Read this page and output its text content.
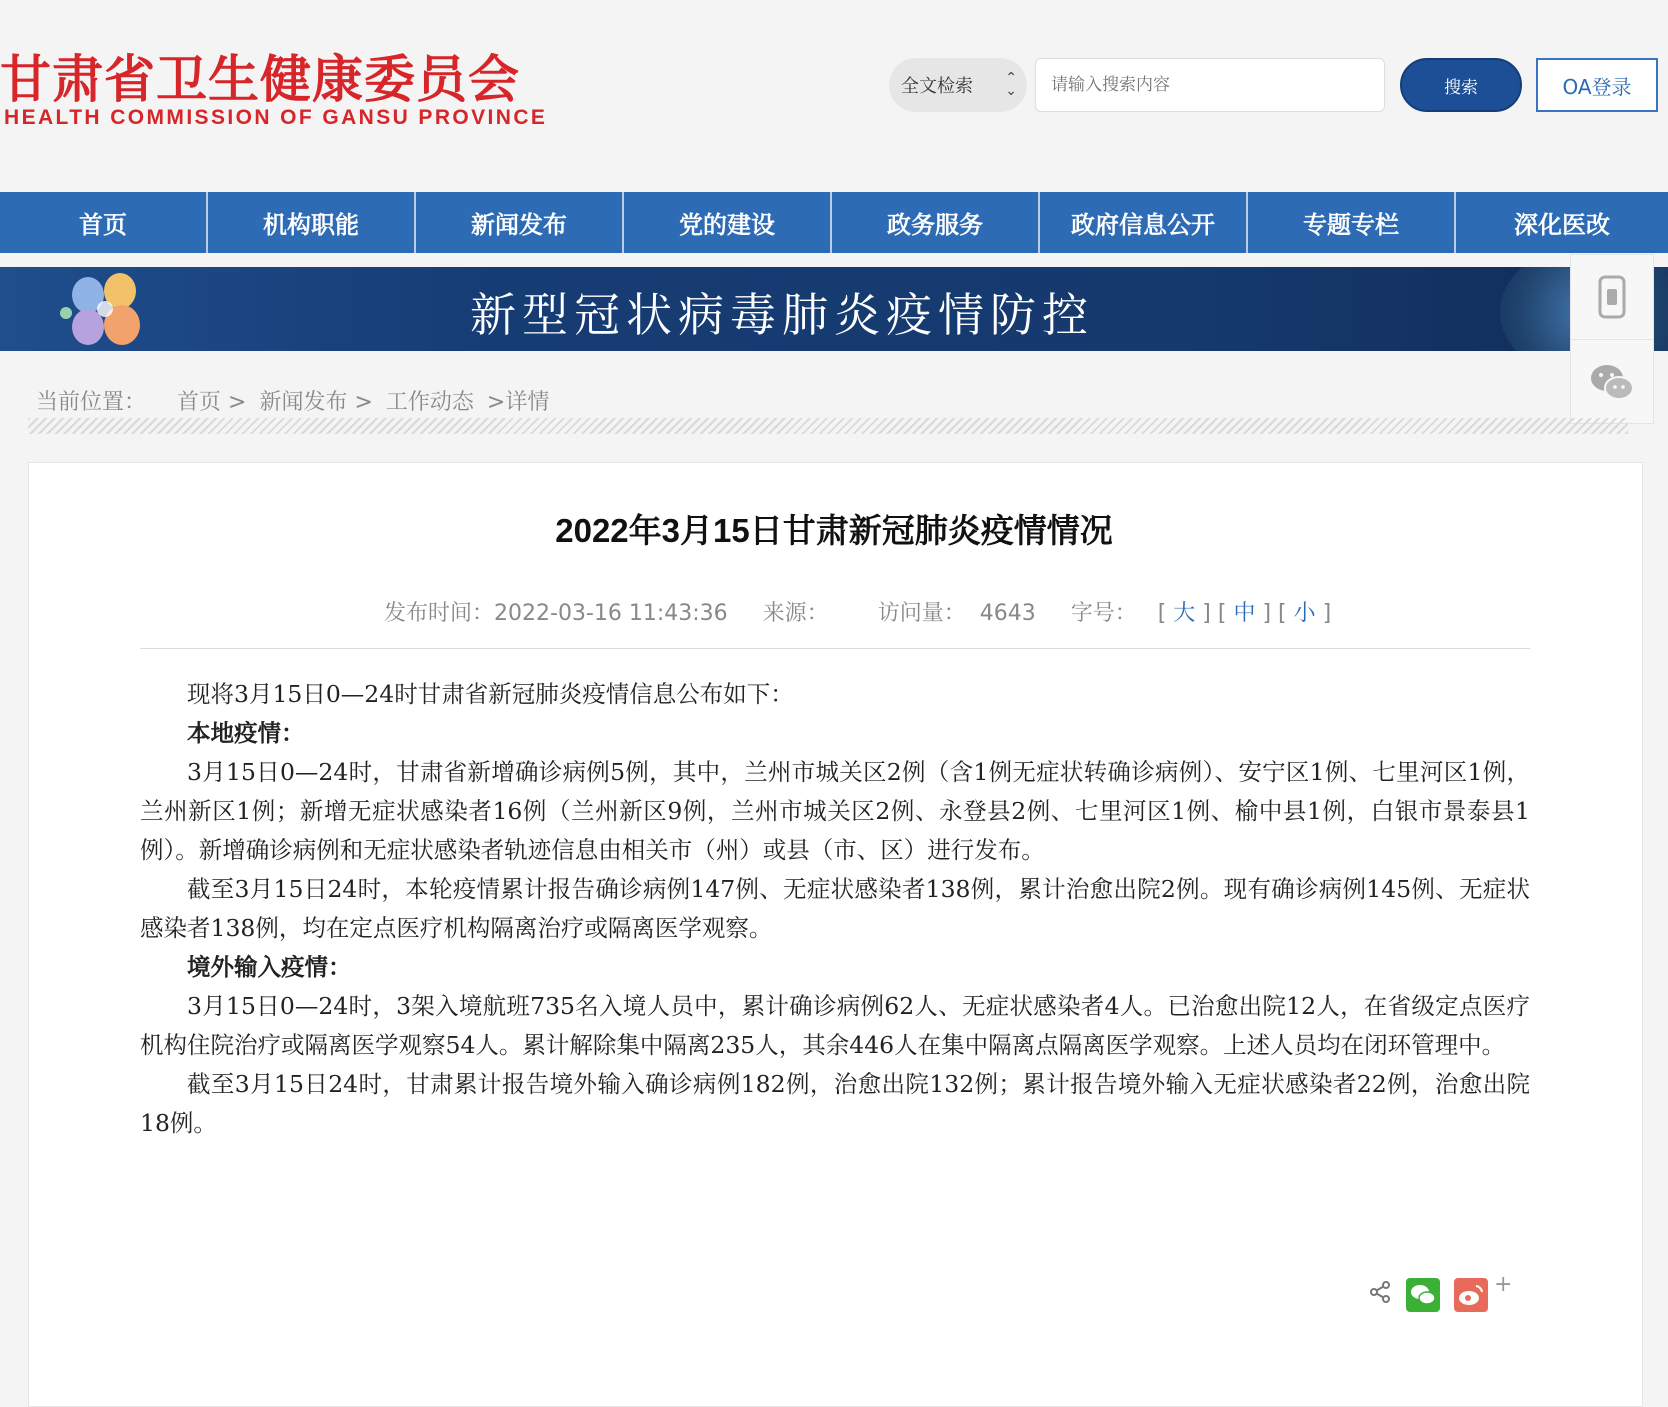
甘肃省卫生健康委员会
HEALTH COMMISSION OF GANSU PROVINCE
全文检索 ⌃
⌄
请输入搜索内容	搜索	OA登录
首页	机构职能	新闻发布	党的建设	政务服务	政府信息公开	专题专栏	深化医改
新型冠状病毒肺炎疫情防控
当前位置： 首页 > 新闻发布 > 工作动态 >详情
2022年3月15日甘肃新冠肺炎疫情情况
发布时间：2022-03-16 11:43:36 来源： 访问量： 4643 字号： [ 大 ] [ 中 ] [ 小 ]

现将3月15日0—24时甘肃省新冠肺炎疫情信息公布如下：

本地疫情：

3月15日0—24时，甘肃省新增确诊病例5例，其中，兰州市城关区2例（含1例无症状转确诊病例）、安宁区1例、七里河区1例，兰州新区1例；新增无症状感染者16例（兰州新区9例，兰州市城关区2例、永登县2例、七里河区1例、榆中县1例，白银市景泰县1例）。新增确诊病例和无症状感染者轨迹信息由相关市（州）或县（市、区）进行发布。

截至3月15日24时，本轮疫情累计报告确诊病例147例、无症状感染者138例，累计治愈出院2例。现有确诊病例145例、无症状感染者138例，均在定点医疗机构隔离治疗或隔离医学观察。

境外输入疫情：

3月15日0—24时，3架入境航班735名入境人员中，累计确诊病例62人、无症状感染者4人。已治愈出院12人，在省级定点医疗机构住院治疗或隔离医学观察54人。累计解除集中隔离235人，其余446人在集中隔离点隔离医学观察。上述人员均在闭环管理中。

截至3月15日24时，甘肃累计报告境外输入确诊病例182例，治愈出院132例；累计报告境外输入无症状感染者22例，治愈出院18例。

+
